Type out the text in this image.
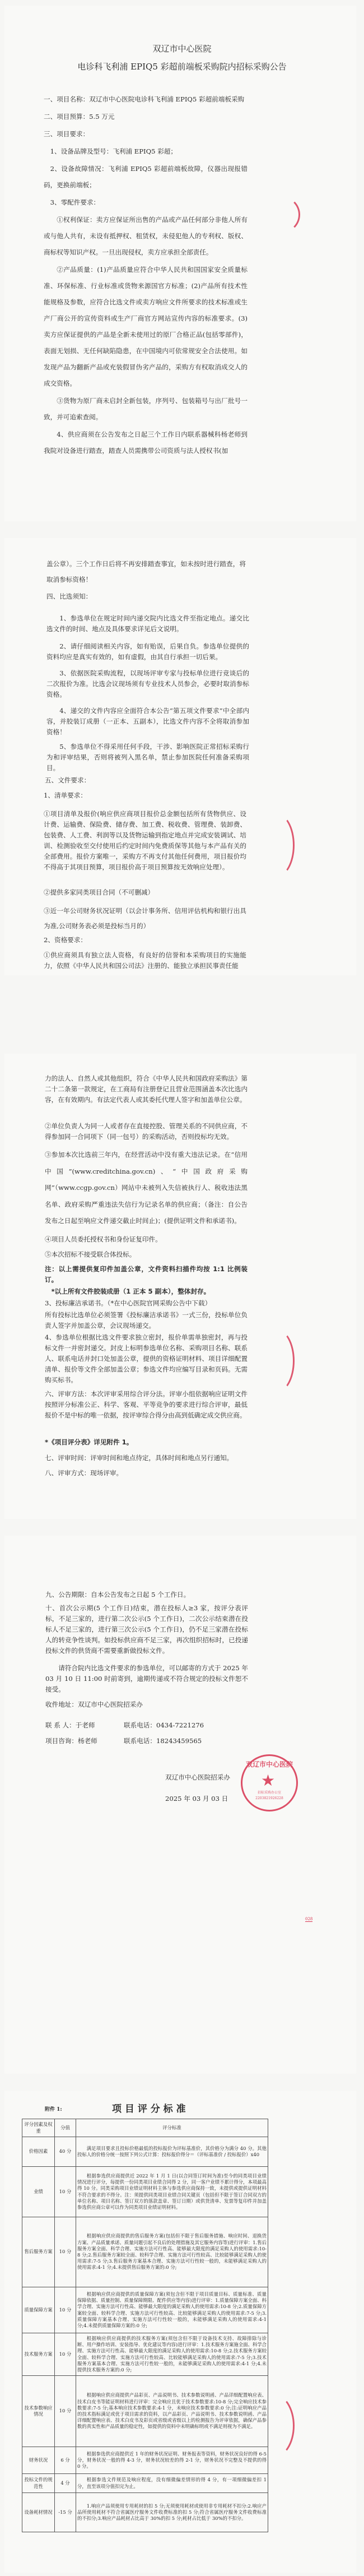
双辽市中心医院
电诊科飞利浦 EPIQ5 彩超前端板采购院内招标采购公告
一、项目名称：双辽市中心医院电诊科飞利浦 EPIQ5 彩超前端板采购
二、项目预算：5.5 万元
三、项目要求：
1、设备品牌及型号：飞利浦 EPIQ5 彩超；
2、设备故障情况：飞利浦 EPIQ5 彩超前端板故障，仪器出现报错码，更换前端板；
3、零配件要求：
①权利保证：卖方应保证所出售的产品或产品任何部分非他人所有或与他人共有，未设有抵押权、租赁权，未侵犯他人的专利权、版权、商标权等知识产权。一旦出现侵权，卖方应承担全部责任。
②产品质量：(1)产品质量应符合中华人民共和国国家安全质量标准、环保标准、行业标准或货物来源国官方标准；(2)产品所有技术性能规格及参数，应符合比选文件或卖方响应文件所要求的技术标准或生产厂商公开的宣传资料或生产厂商官方网站宣传内容的标准要求。(3)卖方应保证提供的产品是全新未使用过的原厂合格正品(包括零部件)，表面无划损、无任何缺陷隐患，在中国境内可依常规安全合法使用。如发现产品为翻新产品或充装假冒伪劣产品的，采购方有权取消成交人的成交资格。
③货物为原厂商未启封全新包装，序列号、包装箱号与出厂批号一致，并可追索查阅。
4、供应商须在公告发布之日起三个工作日内联系器械科杨老师到我院对设备进行踏查，踏查人员需携带公司资质与法人授权书(加
盖公章）。三个工作日后将不再安排踏查事宜，如未按时进行踏查，将取消参标资格！
四、比选须知：
1、参选单位在规定时间内递交院内比选文件至指定地点。递交比选文件的时间、地点及具体要求详见后文说明。
2、请仔细阅读相关内容，如有贻误，后果自负。参选单位提供的资料均应是真实有效的，如有虚假，由其自行承担一切后果。
3、依据医院采购流程，以现场评审专家与投标单位进行竞谈后的二次报价为准。比选会议现场须有专业技术人员参会，必要时取消参标资格。
4、递交的文件内容应全面符合本公告“第五项文件要求”中全部内容，并胶装订成册（一正本、五副本），比选文件内容不全将取消参加资格！
5、参选单位不得采用任何手段，干涉、影响医院正常招标采购行为和评审结果，否则将被列入黑名单，禁止参加医院任何准备采购项目。
五、文件要求：
1、清单要求：
①项目清单及报价(响应供应商项目报价总金额包括所有货物供应、设计费、运输费、保险费、储存费、加工费、税收费、管理费、装卸费、包装费、人工费、利润等以及货物运输到指定地点并完成安装调试、培训、检测验收至交付使用后约定时间内免费质保等其他与本产品有关的全部费用。报价方案唯一，采购方不再支付其他任何费用，项目报价均不得高于其项目预算，项目报价高于项目预算按无效响应处理）。
②提供多家同类项目合同（不可删减）
③近一年公司财务状况证明（以会计事务所、信用评估机构和银行出具为准,公司财务表必须是投标当月的）
2、资格要求：
①供应商须具有独立法人资格，有良好的信誉和本采购项目的实施能力，依照《中华人民共和国公司法》注册的、能独立承担民事责任能
力的法人、自然人或其他组织，符合《中华人民共和国政府采购法》第二十二条第一款规定，在工商局有注册登记且营业范围涵盖本次比选内容，在有效期内。有法定代表人或其委托代理人签字和加盖单位公章。
②单位负责人为同一人或者存在直接控股、管理关系的不同供应商，不得参加同一合同项下（同一包号）的采购活动，否则投标均无效。
③参加本次比选前三年内，在经营活动中没有重大违法记录。在“信用中国”(www.creditchina.gov.cn)、“中国政府采购网”（www.ccgp.gov.cn）网站中未被列入失信被执行人、税收违法黑名单、政府采购严重违法失信行为记录名单的供应商；（备注：自公告发布之日起至响应文件递交截止时间止)；(提供证明文件和承诺书)。
④项目人员委托授权书和身份证复印件。
⑤本次招标不接受联合体投标。
注：以上需提供复印件加盖公章，文件资料扫描件均按 1:1 比例装订。
*以上所有文件胶装成册（1 正本 5 副本），整体封存。
3、投标廉洁承诺书。（*在中心医院官网采购公告中下载）
所有投标比选单位必须签署《投标廉洁承诺书》一式三份，投标单位负责人签字并加盖公章，会议现场递交。
4、参选单位根据比选文件要求独立密封，报价单需单独密封，再与投标文件一并密封递交。封皮上标明参选单位名称、采购项目名称、联系人、联系电话并封口处加盖公章，提供的资格证明材料、项目详细配置清单、报价等文件全部加盖公章；参选文件均应编写目录和页码。无需购买标书。
六、评审方法：本次评审采用综合评分法。评审小组依据响应证明文件按照评分标准公正、科学、客观、平等竞争的要求进行综合评审，最低报价不是中标的唯一依据，按评审综合得分由高到低确定成交供应商。
*《项目评分表》详见附件 1。
七、评审时间：评审时间和地点待定，具体时间和地点另行通知。
八、评审方式：现场评审。
九、公告期限：自本公告发布之日起 5 个工作日。
十、首次公示期(5 个工作日)结束，潜在投标人≥3 家，按评分表评标，不足三家的，进行第二次公示(5 个工作日)，二次公示结束潜在投标人不足三家的，进行第三次公示(5 个工作日)，仍不足三家潜在投标人的转竞争性谈判。如投标供应商不足三家，再次组织招标时，已投递投标文件的供货商不需要重新做投标文件。
请符合院内比选文件要求的参选单位，可以邮寄的方式于 2025 年 03 月 10 日 11:00 时前寄到，逾期传递或不符合规定的投标文件恕不接受。
收件地址：双辽市中心医院招采办
联 系 人：于老师	联系电话：0434-7221276
项目咨询：杨老师	联系电话：18243459565
双辽市中心医院招采办
2025 年 03 月 03 日
★
双辽市中心医院
招标采购办公室
2203821926228
028
附件 1:	项 目 评 分 标 准
评分因素及权重	分值	评分标准
价格因素	40 分	满足项目要求且投标价格最低的投标报价为评标基准价，其价格分为满分 40 分。其他投标人的价格分统一按照下列公式计算：投标报价得分＝（评标基准价 / 投标报价）x40
业绩	10 分	根据参选供应商提供近 2022 年 1 月 1 日(以合同签订时间为准)至今的同类项目业绩情况进行评分，每提供一份同类项目业绩合同得 2 分，同一客户业绩不累计得分，本项最高得 10 分。同类采购项目业绩证明材料主体与参选供应商保持一致，未提供或提供证明材料不符合要求的不得分。注：须提供同类项目业绩合同关键页（包括但不限于签订合同双方的单位名称、项目名称、签订双方的落款盖章、签订日期）或供货清单、发票等复印件并加盖参选供应商公章可以作为同类项目业绩证明材料。
售后服务方案	10 分	根据响应供应商提供的售后服务方案(包括但不限于售后服务措施、响应时间、退换货方案、产品质量承诺、质量问题引起不良后的处理措施及其它服务内容等)进行评审：1.售后服务方案全面、科学合理、实施方法可行性高、能够最大限度的满足采购人的使用需求:10-8 分;2.售后服务方案较全面、较科学合理、实施方法可行性较高、比较能够满足采购人的使用需求:7-5 分;3.售后服务方案基本合理、实施方法可行性较一般的，未能够满足采购人的使用需求:4-1 分;4.未提供售后服务方案的:0 分;
质量保障方案	10 分	根据响应供应商提供的质量保障方案(须包含但不限于项目质量目标、质量标准、质量保障依据、质量控制、质量保障期限、配件供应等内容)进行评审：1.质量保障方案全面、科学合理、实施方法可行性高、能够最大限度的满足采购人的使用需求:10-8 分;2.质量保障方案较全面、较科学合理、实施方法可行性较高、比较能够满足采购人的使用需求:7-5 分;3.质量保障方案基本合理、实施方法可行性较一般的，未能够满足采购人的使用需求:4-1 分;4.未提供质量保障方案的:0 分;
技术服务方案	10 分	根据响应供应商提供的技术服务方案(须包含但不限于设备技术支持、故障排除与诊断、用户操作培训、安装指导、优化建议等内容)进行评审：1.技术服务方案施全面、科学合理、实施方法可行性高、能够最大限度的满足采购人的使用需求:10-8 分;2.技术服务方案较全面、较科学合理、实施方法可行性较高、比较能够满足采购人的使用需求:7-5 分;3.技术服务方案基本合理、实施方法可行性较一般的，未能够满足采购人的使用需求:4-1 分;4.未提供技术服务方案的:0 分;
技术参数响应情况	10 分	根据响应供应商提供产品彩页、产品说明书、技术参数说明函、产品详细配置响应表、技术白皮书等能证明材料进行评审：完全响应且优于技术参数要求:10-8 分;完全响应技术参数要求:7-5 分;基本响应技术参数要求:4-1 分，未响应技术参数要求:0 分;注:证明响应产品的技术指标满足或优于项目需求的资料，以产品彩页、产品说明书、技术参数说明函、产品详细配置响应表、技术白皮书及彩页或省级或省级以上的检测报告为评审依据，确保产品参数的真实性和产品质量的稳定性，如提供的资料中未明确标明或不满足则视为不满足。
财务状况	6 分	根据参选供应商提供近 1 年的财务状况证明、财务报表等资料，财务状况良好的得 6-5 分，财务状况一般的得 4-3 分，财务状况较差的得 2-1 分，财务状况不完整及不提供的得 0 分。
投标文件的规范性	4 分	根据参选文件规范及响应程度，没有细微偏差情形的得 4 分，有一项细微偏差扣 1 分，直至该项分值扣完为止。
设备耗材情况	-15 分	1.响应产品须使用专用耗材的扣 5 分;无须使用耗材或使用非专用耗材不扣分:2.响应产品所使用耗材不符合省属医疗服务文件收费标准的扣 5 分;符合省属医疗服务文件收费标准的不扣分;3.响应产品耗材占比高于 30%的扣 5 分;耗材占比低于 30%的不扣分。
